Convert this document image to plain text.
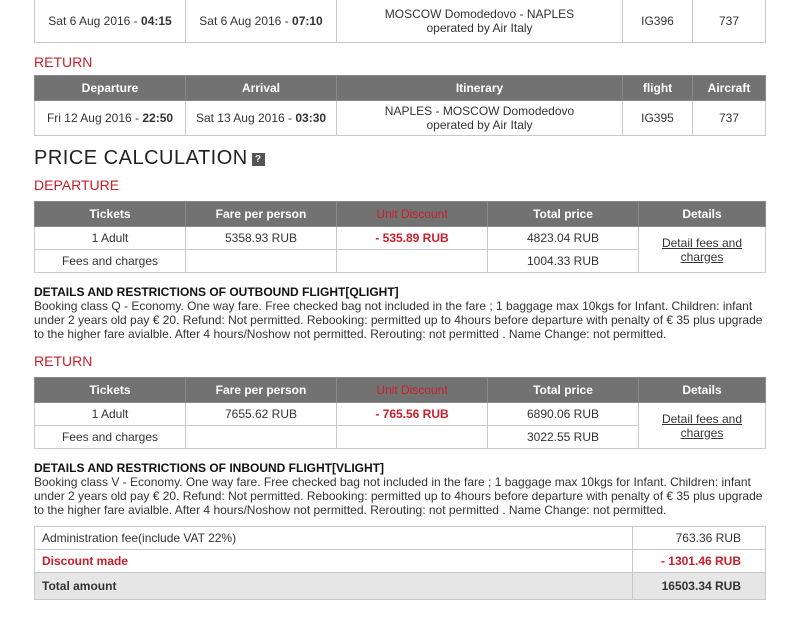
Sat 6 Aug 2016 - 04:15	Sat 6 Aug 2016 - 07:10	MOSCOW Domodedovo - NAPLES
operated by Air Italy	IG396	737
RETURN
Departure	Arrival	Itinerary	flight	Aircraft
Fri 12 Aug 2016 - 22:50	Sat 13 Aug 2016 - 03:30	NAPLES - MOSCOW Domodedovo
operated by Air Italy	IG395	737
PRICE CALCULATION ?
DEPARTURE
Tickets	Fare per person	Unit Discount	Total price	Details
1 Adult	5358.93 RUB	- 535.89 RUB	4823.04 RUB	Detail fees and charges
Fees and charges			1004.33 RUB	
DETAILS AND RESTRICTIONS OF OUTBOUND FLIGHT[QLIGHT]
Booking class Q - Economy. One way fare. Free checked bag not included in the fare ; 1 baggage max 10kgs for Infant. Children: infant under 2 years old pay € 20. Refund: Not permitted. Rebooking: permitted up to 4hours before departure with penalty of € 35 plus upgrade to the higher fare avialble. After 4 hours/Noshow not permitted. Rerouting: not permitted . Name Change: not permitted.
RETURN
Tickets	Fare per person	Unit Discount	Total price	Details
1 Adult	7655.62 RUB	- 765.56 RUB	6890.06 RUB	Detail fees and charges
Fees and charges			3022.55 RUB	
DETAILS AND RESTRICTIONS OF INBOUND FLIGHT[VLIGHT]
Booking class V - Economy. One way fare. Free checked bag not included in the fare ; 1 baggage max 10kgs for Infant. Children: infant under 2 years old pay € 20. Refund: Not permitted. Rebooking: permitted up to 4hours before departure with penalty of € 35 plus upgrade to the higher fare avialble. After 4 hours/Noshow not permitted. Rerouting: not permitted . Name Change: not permitted.
Administration fee(include VAT 22%)	763.36 RUB
Discount made	- 1301.46 RUB
Total amount	16503.34 RUB
